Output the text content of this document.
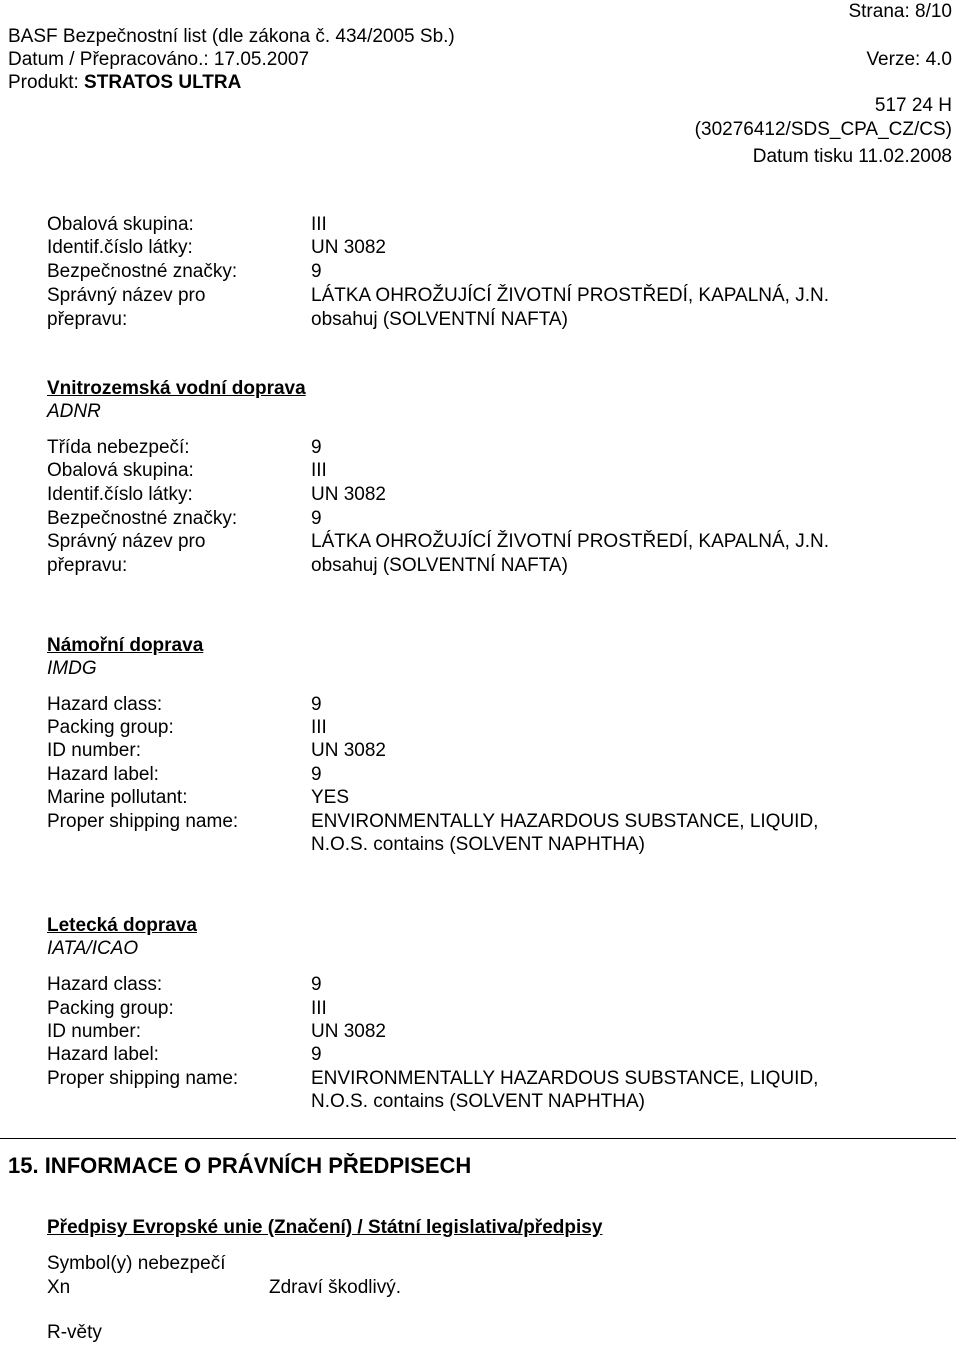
Strana: 8/10
BASF Bezpečnostní list (dle zákona č. 434/2005 Sb.)
Datum / Přepracováno.: 17.05.2007	Verze: 4.0
Produkt: STRATOS ULTRA
517 24 H
(30276412/SDS_CPA_CZ/CS)
Datum tisku 11.02.2008
Obalová skupina:	III
Identif.číslo látky:	UN 3082
Bezpečnostné značky:	9
Správný název pro	LÁTKA OHROŽUJÍCÍ ŽIVOTNÍ PROSTŘEDÍ, KAPALNÁ, J.N.
přepravu:	obsahuj (SOLVENTNÍ NAFTA)
Vnitrozemská vodní doprava
ADNR
Třída nebezpečí:	9
Obalová skupina:	III
Identif.číslo látky:	UN 3082
Bezpečnostné značky:	9
Správný název pro	LÁTKA OHROŽUJÍCÍ ŽIVOTNÍ PROSTŘEDÍ, KAPALNÁ, J.N.
přepravu:	obsahuj (SOLVENTNÍ NAFTA)
Námořní doprava
IMDG
Hazard class:	9
Packing group:	III
ID number:	UN 3082
Hazard label:	9
Marine pollutant:	YES
Proper shipping name:	ENVIRONMENTALLY HAZARDOUS SUBSTANCE, LIQUID,
N.O.S. contains (SOLVENT NAPHTHA)
Letecká doprava
IATA/ICAO
Hazard class:	9
Packing group:	III
ID number:	UN 3082
Hazard label:	9
Proper shipping name:	ENVIRONMENTALLY HAZARDOUS SUBSTANCE, LIQUID,
N.O.S. contains (SOLVENT NAPHTHA)
15. INFORMACE O PRÁVNÍCH PŘEDPISECH
Předpisy Evropské unie (Značení) / Státní legislativa/předpisy
Symbol(y) nebezpečí
Xn	Zdraví škodlivý.
R-věty
